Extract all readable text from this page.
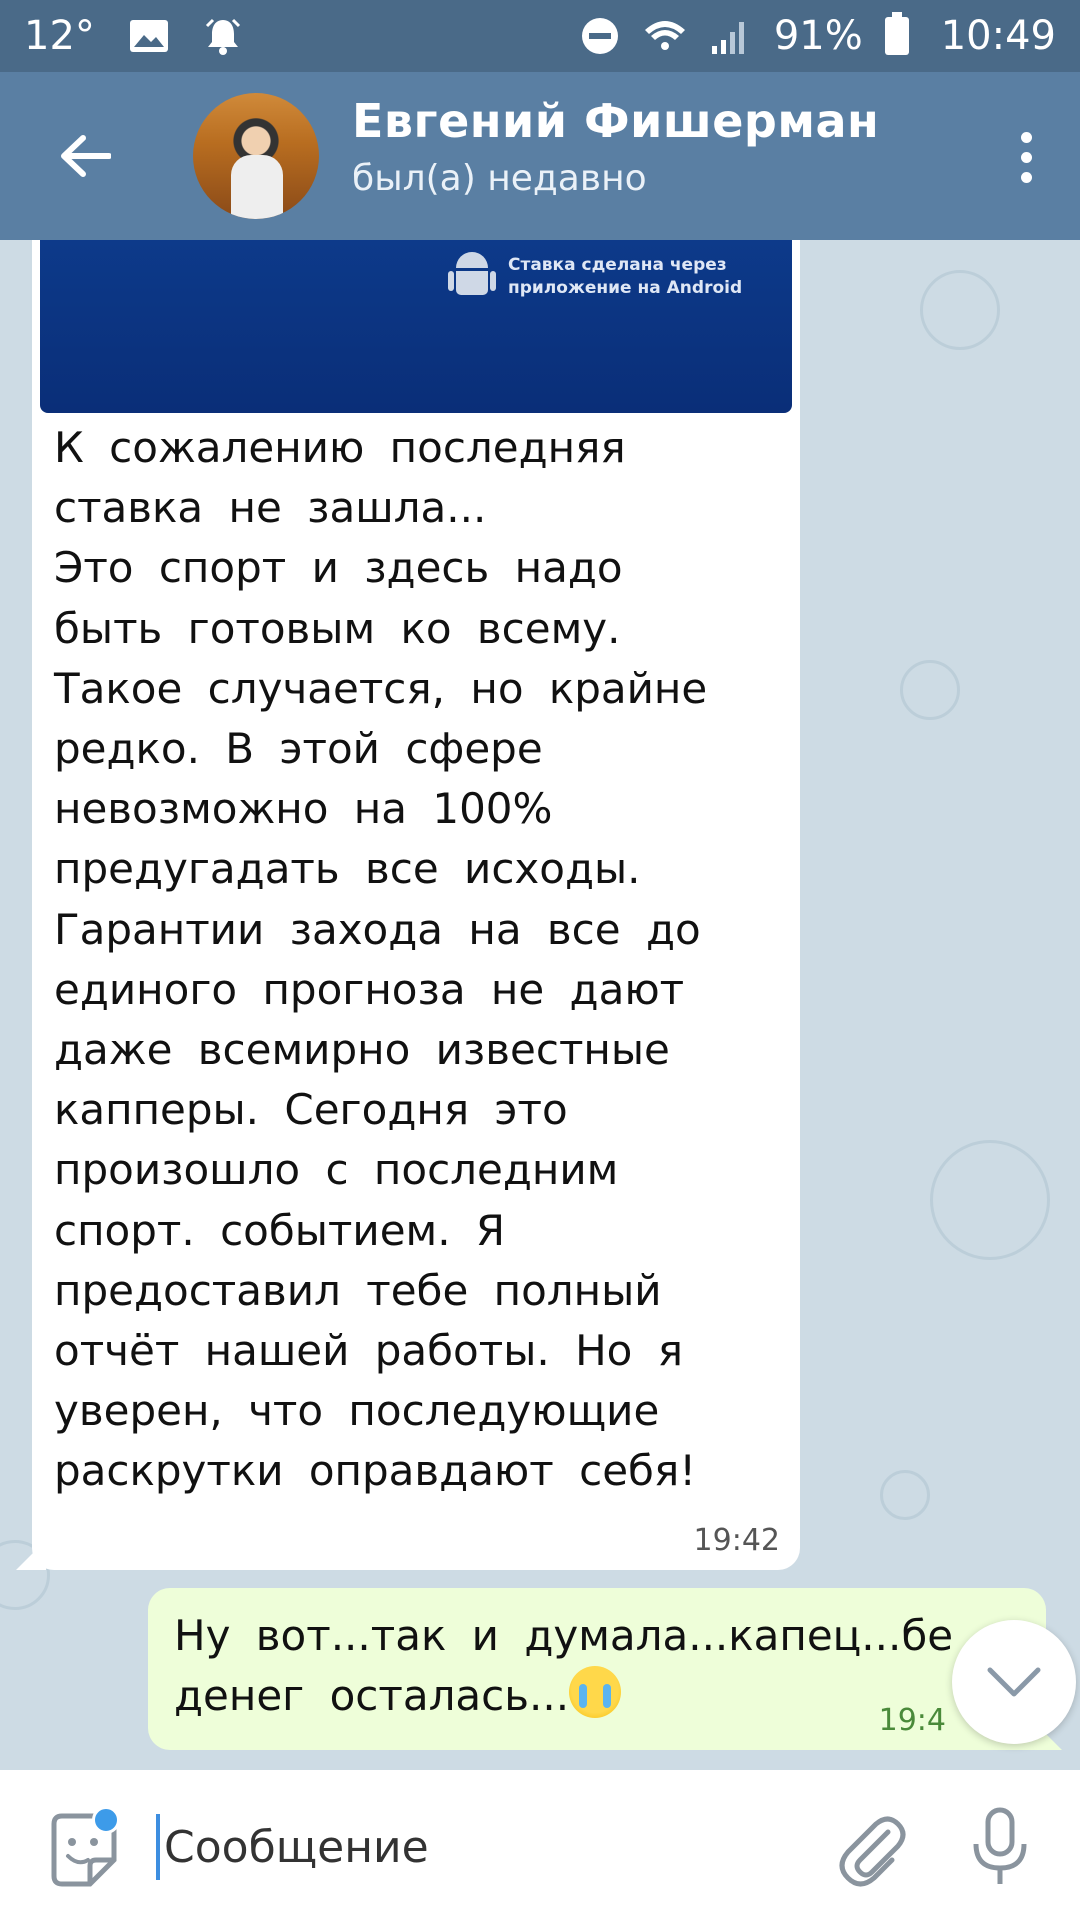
12°	91% 10:49
Евгений Фишерман
был(а) недавно
Ставка сделана через
приложение на Android
К сожалению последняя
ставка не зашла...
Это спорт и здесь надо
быть готовым ко всему.
Такое случается, но крайне
редко. В этой сфере
невозможно на 100%
предугадать все исходы.
Гарантии захода на все до
единого прогноза не дают
даже всемирно известные
капперы. Сегодня это
произошло с последним
спорт. событием. Я
предоставил тебе полный
отчёт нашей работы. Но я
уверен, что последующие
раскрутки оправдают себя!
19:42
Ну вот...так и думала...капец...бе
денег осталась...
19:4
Сообщение
